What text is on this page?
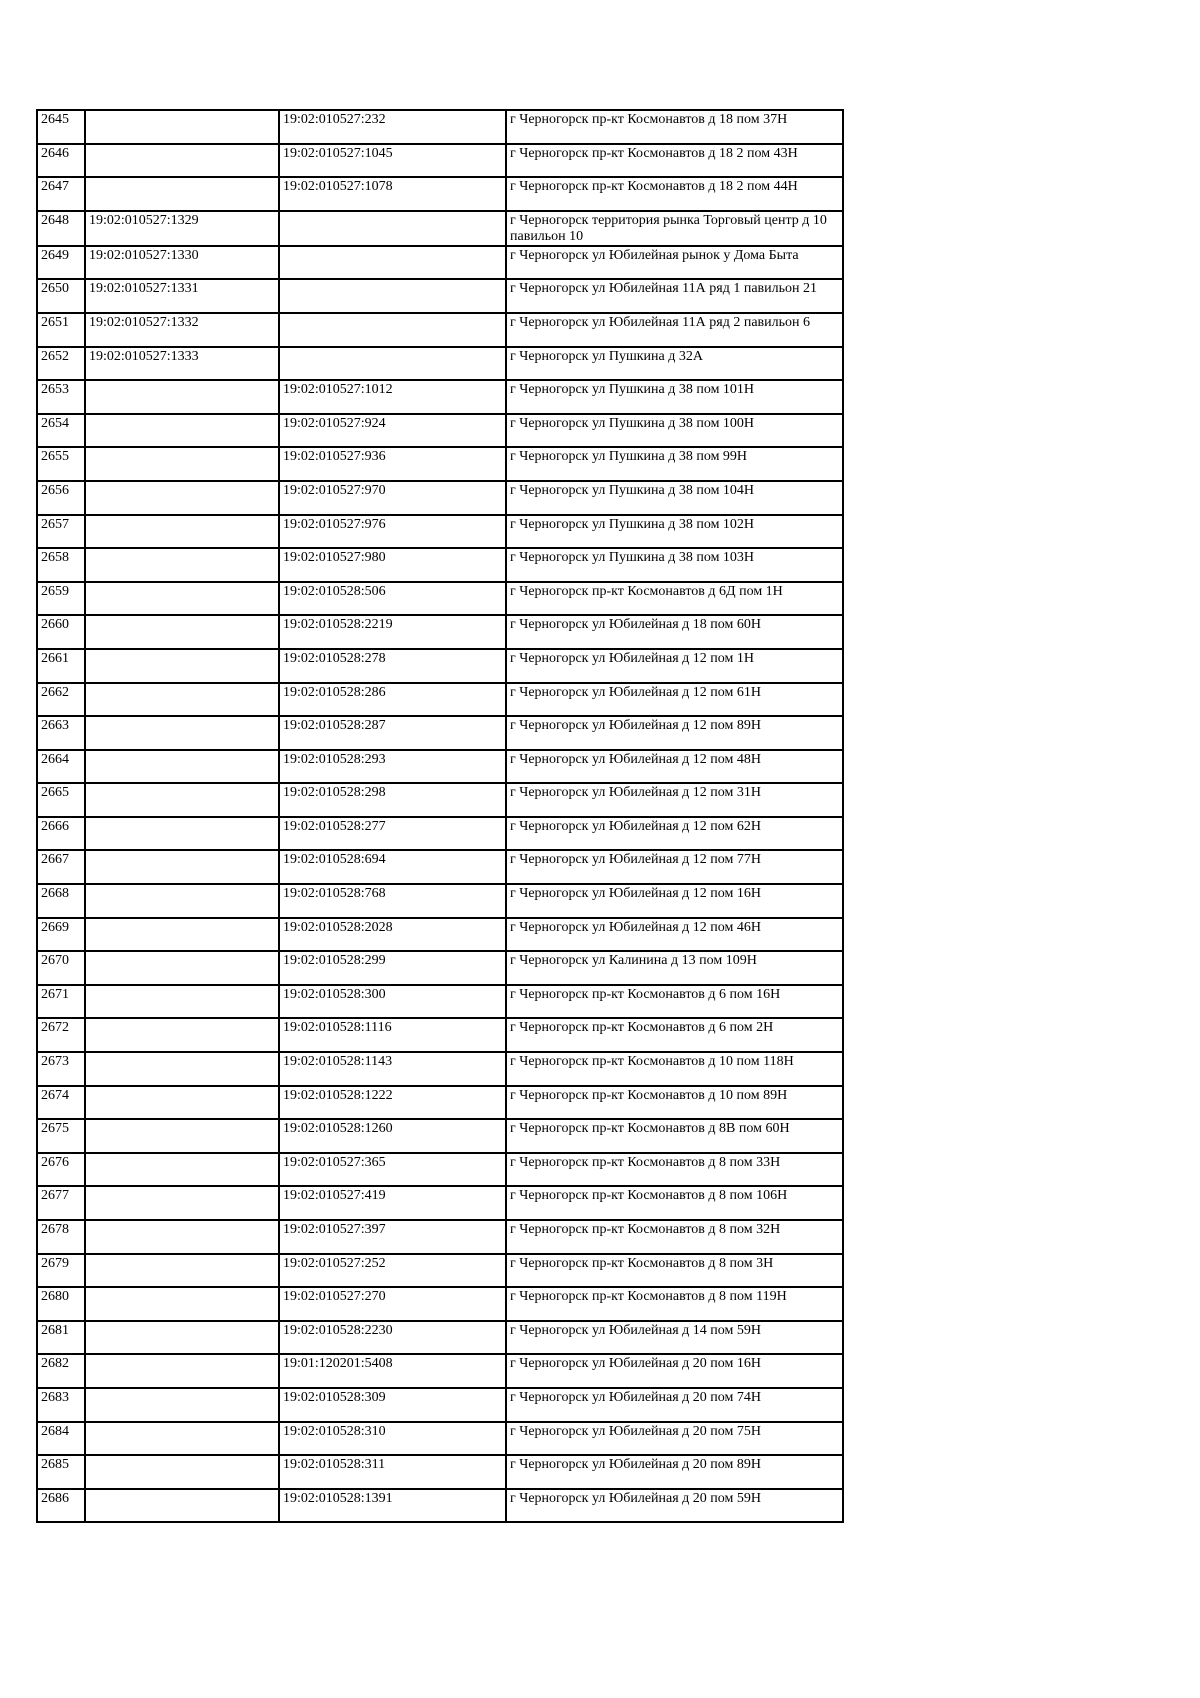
2645		19:02:010527:232	г Черногорск пр-кт Космонавтов д 18 пом 37Н

2646		19:02:010527:1045	г Черногорск пр-кт Космонавтов д 18 2 пом 43Н

2647		19:02:010527:1078	г Черногорск пр-кт Космонавтов д 18 2 пом 44Н

2648	19:02:010527:1329		г Черногорск территория рынка Торговый центр д 10 павильон 10

2649	19:02:010527:1330		г Черногорск ул Юбилейная рынок у Дома Быта

2650	19:02:010527:1331		г Черногорск ул Юбилейная 11А ряд 1 павильон 21

2651	19:02:010527:1332		г Черногорск ул Юбилейная 11А ряд 2 павильон 6

2652	19:02:010527:1333		г Черногорск ул Пушкина д 32А

2653		19:02:010527:1012	г Черногорск ул Пушкина д 38 пом 101Н

2654		19:02:010527:924	г Черногорск ул Пушкина д 38 пом 100Н

2655		19:02:010527:936	г Черногорск ул Пушкина д 38 пом 99Н

2656		19:02:010527:970	г Черногорск ул Пушкина д 38 пом 104Н

2657		19:02:010527:976	г Черногорск ул Пушкина д 38 пом 102Н

2658		19:02:010527:980	г Черногорск ул Пушкина д 38 пом 103Н

2659		19:02:010528:506	г Черногорск пр-кт Космонавтов д 6Д пом 1Н

2660		19:02:010528:2219	г Черногорск ул Юбилейная д 18 пом 60Н

2661		19:02:010528:278	г Черногорск ул Юбилейная д 12 пом 1Н

2662		19:02:010528:286	г Черногорск ул Юбилейная д 12 пом 61Н

2663		19:02:010528:287	г Черногорск ул Юбилейная д 12 пом 89Н

2664		19:02:010528:293	г Черногорск ул Юбилейная д 12 пом 48Н

2665		19:02:010528:298	г Черногорск ул Юбилейная д 12 пом 31Н

2666		19:02:010528:277	г Черногорск ул Юбилейная д 12 пом 62Н

2667		19:02:010528:694	г Черногорск ул Юбилейная д 12 пом 77Н

2668		19:02:010528:768	г Черногорск ул Юбилейная д 12 пом 16Н

2669		19:02:010528:2028	г Черногорск ул Юбилейная д 12 пом 46Н

2670		19:02:010528:299	г Черногорск ул Калинина д 13 пом 109Н

2671		19:02:010528:300	г Черногорск пр-кт Космонавтов д 6 пом 16Н

2672		19:02:010528:1116	г Черногорск пр-кт Космонавтов д 6 пом 2Н

2673		19:02:010528:1143	г Черногорск пр-кт Космонавтов д 10 пом 118Н

2674		19:02:010528:1222	г Черногорск пр-кт Космонавтов д 10 пом 89Н

2675		19:02:010528:1260	г Черногорск пр-кт Космонавтов д 8В пом 60Н

2676		19:02:010527:365	г Черногорск пр-кт Космонавтов д 8 пом 33Н

2677		19:02:010527:419	г Черногорск пр-кт Космонавтов д 8 пом 106Н

2678		19:02:010527:397	г Черногорск пр-кт Космонавтов д 8 пом 32Н

2679		19:02:010527:252	г Черногорск пр-кт Космонавтов д 8 пом 3Н

2680		19:02:010527:270	г Черногорск пр-кт Космонавтов д 8 пом 119Н

2681		19:02:010528:2230	г Черногорск ул Юбилейная д 14 пом 59Н

2682		19:01:120201:5408	г Черногорск ул Юбилейная д 20 пом 16Н

2683		19:02:010528:309	г Черногорск ул Юбилейная д 20 пом 74Н

2684		19:02:010528:310	г Черногорск ул Юбилейная д 20 пом 75Н

2685		19:02:010528:311	г Черногорск ул Юбилейная д 20 пом 89Н

2686		19:02:010528:1391	г Черногорск ул Юбилейная д 20 пом 59Н
